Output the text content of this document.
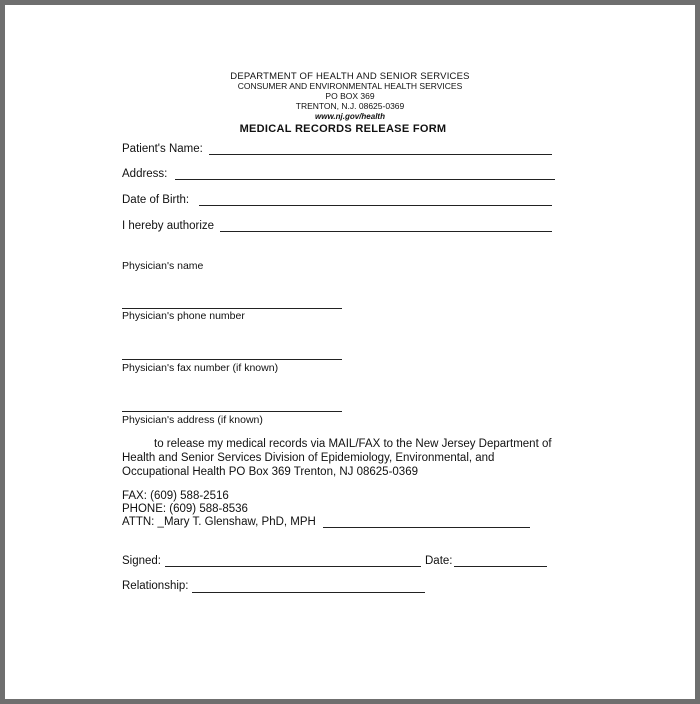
DEPARTMENT OF HEALTH AND SENIOR SERVICES
CONSUMER AND ENVIRONMENTAL HEALTH SERVICES
PO BOX 369
TRENTON, N.J. 08625-0369
www.nj.gov/health
MEDICAL RECORDS RELEASE FORM
Patient's Name:
Address:
Date of Birth:
I hereby authorize
Physician's name
Physician's phone number
Physician's fax number (if known)
Physician's address (if known)
to release my medical records via MAIL/FAX to the New Jersey Department of Health and Senior Services Division of Epidemiology, Environmental, and Occupational Health PO Box 369 Trenton, NJ 08625-0369
FAX: (609) 588-2516
PHONE: (609) 588-8536
ATTN: _Mary T. Glenshaw, PhD, MPH
Signed:	Date:
Relationship:
